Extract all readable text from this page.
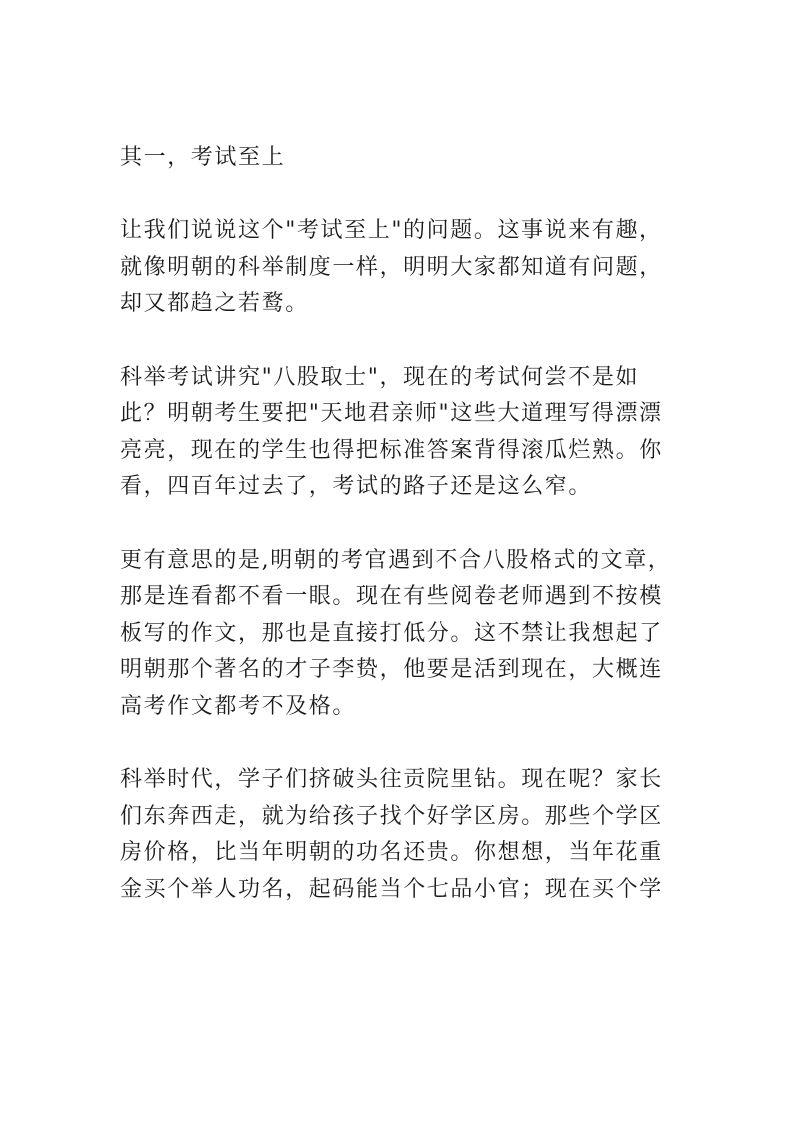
其一，考试至上
让我们说说这个"考试至上"的问题。这事说来有趣，
就像明朝的科举制度一样，明明大家都知道有问题，
却又都趋之若鹜。
科举考试讲究"八股取士"，现在的考试何尝不是如
此？明朝考生要把"天地君亲师"这些大道理写得漂漂
亮亮，现在的学生也得把标准答案背得滚瓜烂熟。你
看，四百年过去了，考试的路子还是这么窄。
更有意思的是,明朝的考官遇到不合八股格式的文章，
那是连看都不看一眼。现在有些阅卷老师遇到不按模
板写的作文，那也是直接打低分。这不禁让我想起了
明朝那个著名的才子李贽，他要是活到现在，大概连
高考作文都考不及格。
科举时代，学子们挤破头往贡院里钻。现在呢？家长
们东奔西走，就为给孩子找个好学区房。那些个学区
房价格，比当年明朝的功名还贵。你想想，当年花重
金买个举人功名，起码能当个七品小官；现在买个学
